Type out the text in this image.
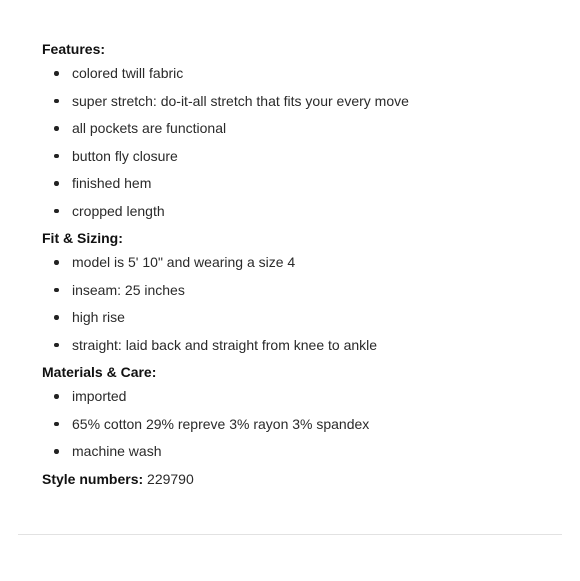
Features:
colored twill fabric
super stretch: do-it-all stretch that fits your every move
all pockets are functional
button fly closure
finished hem
cropped length
Fit & Sizing:
model is 5' 10" and wearing a size 4
inseam: 25 inches
high rise
straight: laid back and straight from knee to ankle
Materials & Care:
imported
65% cotton 29% repreve 3% rayon 3% spandex
machine wash
Style numbers: 229790
